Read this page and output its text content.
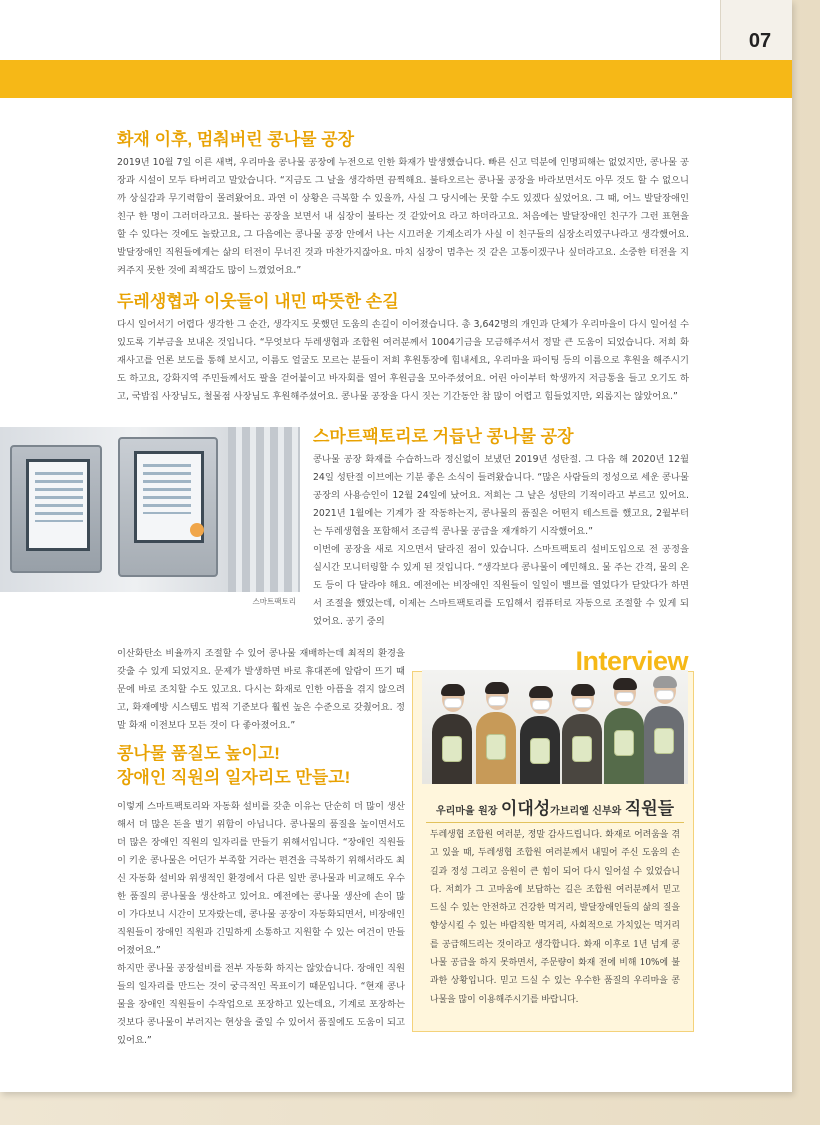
07
화재 이후, 멈춰버린 콩나물 공장
2019년 10월 7일 이른 새벽, 우리마을 콩나물 공장에 누전으로 인한 화재가 발생했습니다. 빠른 신고 덕분에 인명피해는 없었지만, 콩나물 공장과 시설이 모두 타버리고 말았습니다. “지금도 그 날을 생각하면 끔찍해요. 불타오르는 콩나물 공장을 바라보면서도 아무 것도 할 수 없으니까 상실감과 무기력함이 몰려왔어요. 과연 이 상황은 극복할 수 있을까, 사실 그 당시에는 못할 수도 있겠다 싶었어요. 그 때, 어느 발달장애인 친구 한 명이 그러더라고요. 불타는 공장을 보면서 내 심장이 불타는 것 같았어요 라고 하더라고요. 처음에는 발달장애인 친구가 그런 표현을 할 수 있다는 것에도 놀랐고요, 그 다음에는 콩나물 공장 안에서 나는 시끄러운 기계소리가 사실 이 친구들의 심장소리였구나라고 생각했어요. 발달장애인 직원들에게는 삶의 터전이 무너진 것과 마찬가지잖아요. 마치 심장이 멈추는 것 같은 고통이겠구나 싶더라고요. 소중한 터전을 지켜주지 못한 것에 죄책감도 많이 느꼈었어요.”
두레생협과 이웃들이 내민 따뜻한 손길
다시 일어서기 어렵다 생각한 그 순간, 생각지도 못했던 도움의 손길이 이어졌습니다. 총 3,642명의 개인과 단체가 우리마을이 다시 일어설 수 있도록 기부금을 보내온 것입니다. “무엇보다 두레생협과 조합원 여러분께서 1004기금을 모금해주셔서 정말 큰 도움이 되었습니다. 저희 화재사고를 언론 보도를 통해 보시고, 이름도 얼굴도 모르는 분들이 저희 후원통장에 힘내세요, 우리마을 파이팅 등의 이름으로 후원을 해주시기도 하고요, 강화지역 주민들께서도 팔을 걷어붙이고 바자회를 열어 후원금을 모아주셨어요. 어린 아이부터 학생까지 저금통을 들고 오기도 하고, 국밥집 사장님도, 철물점 사장님도 후원해주셨어요. 콩나물 공장을 다시 짓는 기간동안 참 많이 어렵고 힘들었지만, 외롭지는 않았어요.”
스마트팩토리
스마트팩토리로 거듭난 콩나물 공장
콩나물 공장 화재를 수습하느라 정신없이 보냈던 2019년 성탄절. 그 다음 해 2020년 12월 24일 성탄절 이브에는 기분 좋은 소식이 들려왔습니다. “많은 사람들의 정성으로 세운 콩나물 공장의 사용승인이 12월 24일에 났어요. 저희는 그 날은 성탄의 기적이라고 부르고 있어요. 2021년 1월에는 기계가 잘 작동하는지, 콩나물의 품질은 어떤지 테스트를 했고요, 2월부터는 두레생협을 포함해서 조금씩 콩나물 공급을 재개하기 시작했어요.”
이번에 공장을 새로 지으면서 달라진 점이 있습니다. 스마트팩토리 설비도입으로 전 공정을 실시간 모니터링할 수 있게 된 것입니다. “생각보다 콩나물이 예민해요. 물 주는 간격, 물의 온도 등이 다 달라야 해요. 예전에는 비장애인 직원들이 일일이 밸브를 열었다가 닫았다가 하면서 조절을 했었는데, 이제는 스마트팩토리를 도입해서 컴퓨터로 자동으로 조절할 수 있게 되었어요. 공기 중의
이산화탄소 비율까지 조절할 수 있어 콩나물 재배하는데 최적의 환경을 갖출 수 있게 되었지요. 문제가 발생하면 바로 휴대폰에 알람이 뜨기 때문에 바로 조치할 수도 있고요. 다시는 화재로 인한 아픔을 겪지 않으려고, 화재예방 시스템도 법적 기준보다 훨씬 높은 수준으로 갖췄어요. 정말 화재 이전보다 모든 것이 다 좋아졌어요.”
콩나물 품질도 높이고!
장애인 직원의 일자리도 만들고!
이렇게 스마트팩토리와 자동화 설비를 갖춘 이유는 단순히 더 많이 생산해서 더 많은 돈을 벌기 위함이 아닙니다. 콩나물의 품질을 높이면서도 더 많은 장애인 직원의 일자리를 만들기 위해서입니다. “장애인 직원들이 키운 콩나물은 어딘가 부족할 거라는 편견을 극복하기 위해서라도 최신 자동화 설비와 위생적인 환경에서 다른 일반 콩나물과 비교해도 우수한 품질의 콩나물을 생산하고 있어요. 예전에는 콩나물 생산에 손이 많이 가다보니 시간이 모자랐는데, 콩나물 공장이 자동화되면서, 비장애인 직원들이 장애인 직원과 긴밀하게 소통하고 지원할 수 있는 여건이 만들어졌어요.”
하지만 콩나물 공장설비를 전부 자동화 하지는 않았습니다. 장애인 직원들의 일자리를 만드는 것이 궁극적인 목표이기 때문입니다. “현재 콩나물을 장애인 직원들이 수작업으로 포장하고 있는데요, 기계로 포장하는 것보다 콩나물이 부러지는 현상을 줄일 수 있어서 품질에도 도움이 되고 있어요.”
Interview
우리마을 원장 이대성가브리엘 신부와 직원들
두레생협 조합원 여러분, 정말 감사드립니다. 화재로 어려움을 겪고 있을 때, 두레생협 조합원 여러분께서 내밀어 주신 도움의 손길과 정성 그리고 응원이 큰 힘이 되어 다시 일어설 수 있었습니다. 저희가 그 고마움에 보답하는 길은 조합원 여러분께서 믿고 드실 수 있는 안전하고 건강한 먹거리, 발달장애인들의 삶의 질을 향상시킬 수 있는 바람직한 먹거리, 사회적으로 가치있는 먹거리를 공급해드리는 것이라고 생각합니다. 화재 이후로 1년 넘게 콩나물 공급을 하지 못하면서, 주문량이 화재 전에 비해 10%에 불과한 상황입니다. 믿고 드실 수 있는 우수한 품질의 우리마을 콩나물을 많이 이용해주시기를 바랍니다.
